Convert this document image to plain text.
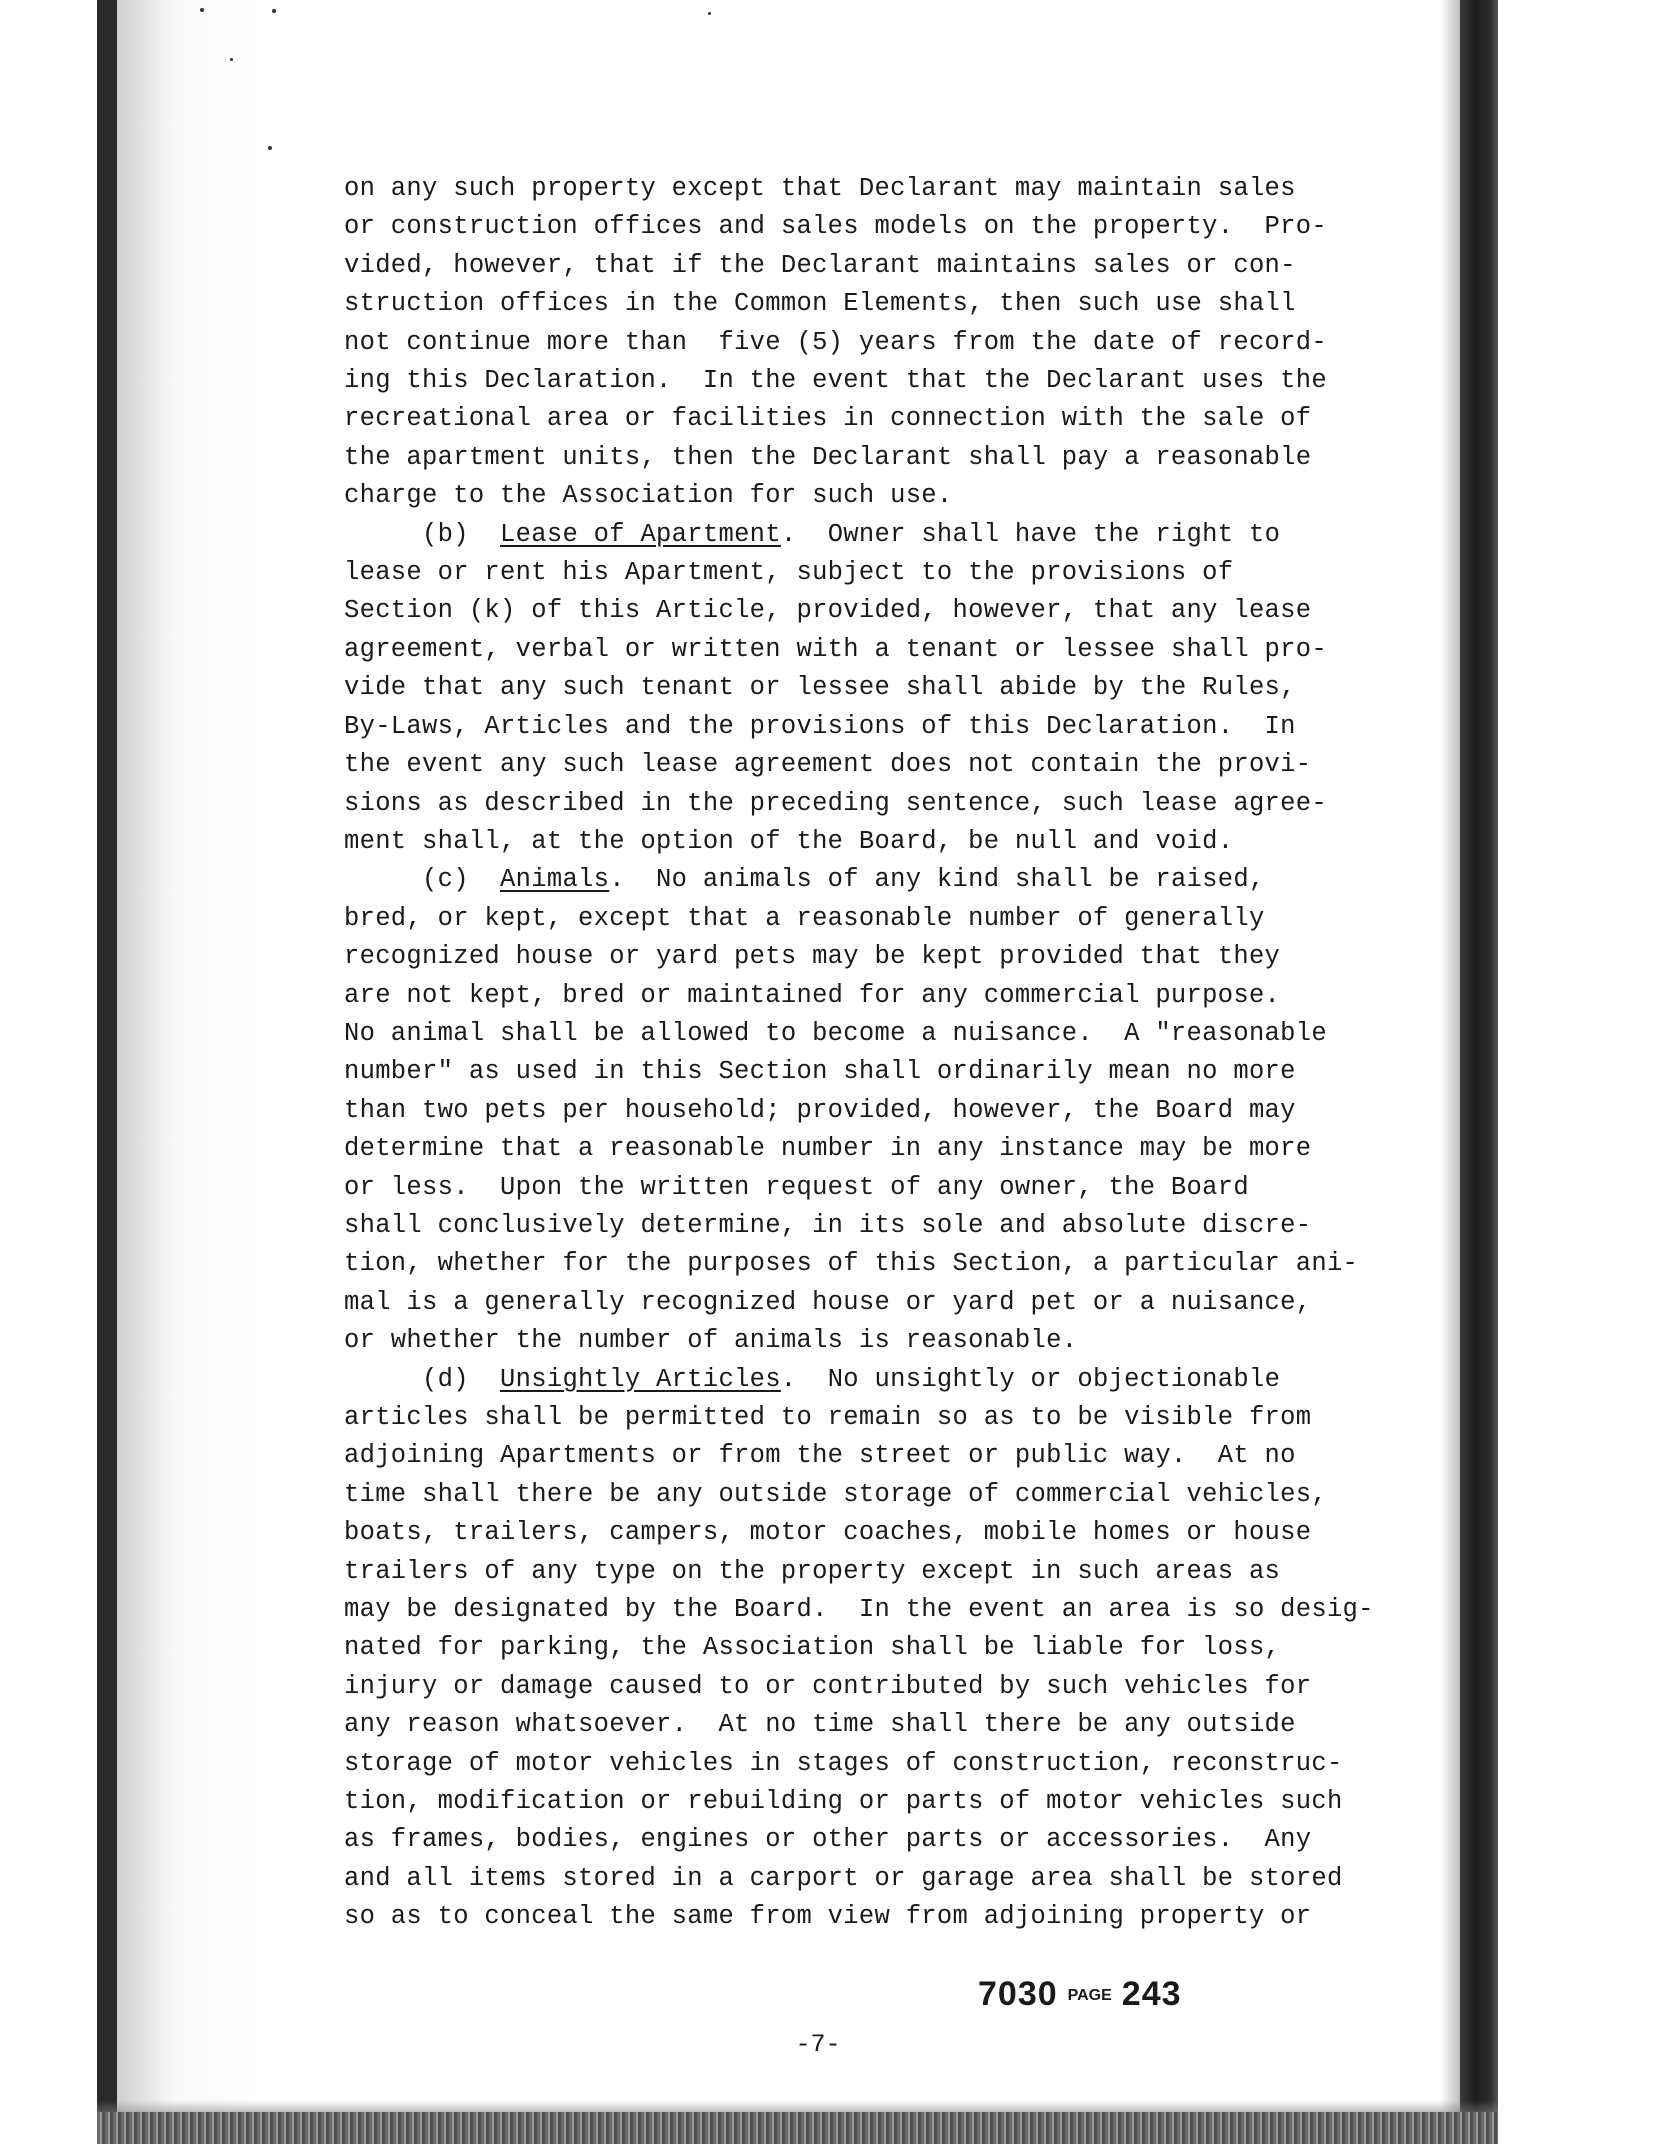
on any such property except that Declarant may maintain sales

or construction offices and sales models on the property.  Pro-

vided, however, that if the Declarant maintains sales or con-

struction offices in the Common Elements, then such use shall

not continue more than  five (5) years from the date of record-

ing this Declaration.  In the event that the Declarant uses the

recreational area or facilities in connection with the sale of

the apartment units, then the Declarant shall pay a reasonable

charge to the Association for such use.

(b)  Lease of Apartment.  Owner shall have the right to

lease or rent his Apartment, subject to the provisions of

Section (k) of this Article, provided, however, that any lease

agreement, verbal or written with a tenant or lessee shall pro-

vide that any such tenant or lessee shall abide by the Rules,

By-Laws, Articles and the provisions of this Declaration.  In

the event any such lease agreement does not contain the provi-

sions as described in the preceding sentence, such lease agree-

ment shall, at the option of the Board, be null and void.

(c)  Animals.  No animals of any kind shall be raised,

bred, or kept, except that a reasonable number of generally

recognized house or yard pets may be kept provided that they

are not kept, bred or maintained for any commercial purpose.

No animal shall be allowed to become a nuisance.  A "reasonable

number" as used in this Section shall ordinarily mean no more

than two pets per household; provided, however, the Board may

determine that a reasonable number in any instance may be more

or less.  Upon the written request of any owner, the Board

shall conclusively determine, in its sole and absolute discre-

tion, whether for the purposes of this Section, a particular ani-

mal is a generally recognized house or yard pet or a nuisance,

or whether the number of animals is reasonable.

(d)  Unsightly Articles.  No unsightly or objectionable

articles shall be permitted to remain so as to be visible from

adjoining Apartments or from the street or public way.  At no

time shall there be any outside storage of commercial vehicles,

boats, trailers, campers, motor coaches, mobile homes or house

trailers of any type on the property except in such areas as

may be designated by the Board.  In the event an area is so desig-

nated for parking, the Association shall be liable for loss,

injury or damage caused to or contributed by such vehicles for

any reason whatsoever.  At no time shall there be any outside

storage of motor vehicles in stages of construction, reconstruc-

tion, modification or rebuilding or parts of motor vehicles such

as frames, bodies, engines or other parts or accessories.  Any

and all items stored in a carport or garage area shall be stored

so as to conceal the same from view from adjoining property or

7030 PAGE 243
-7-
